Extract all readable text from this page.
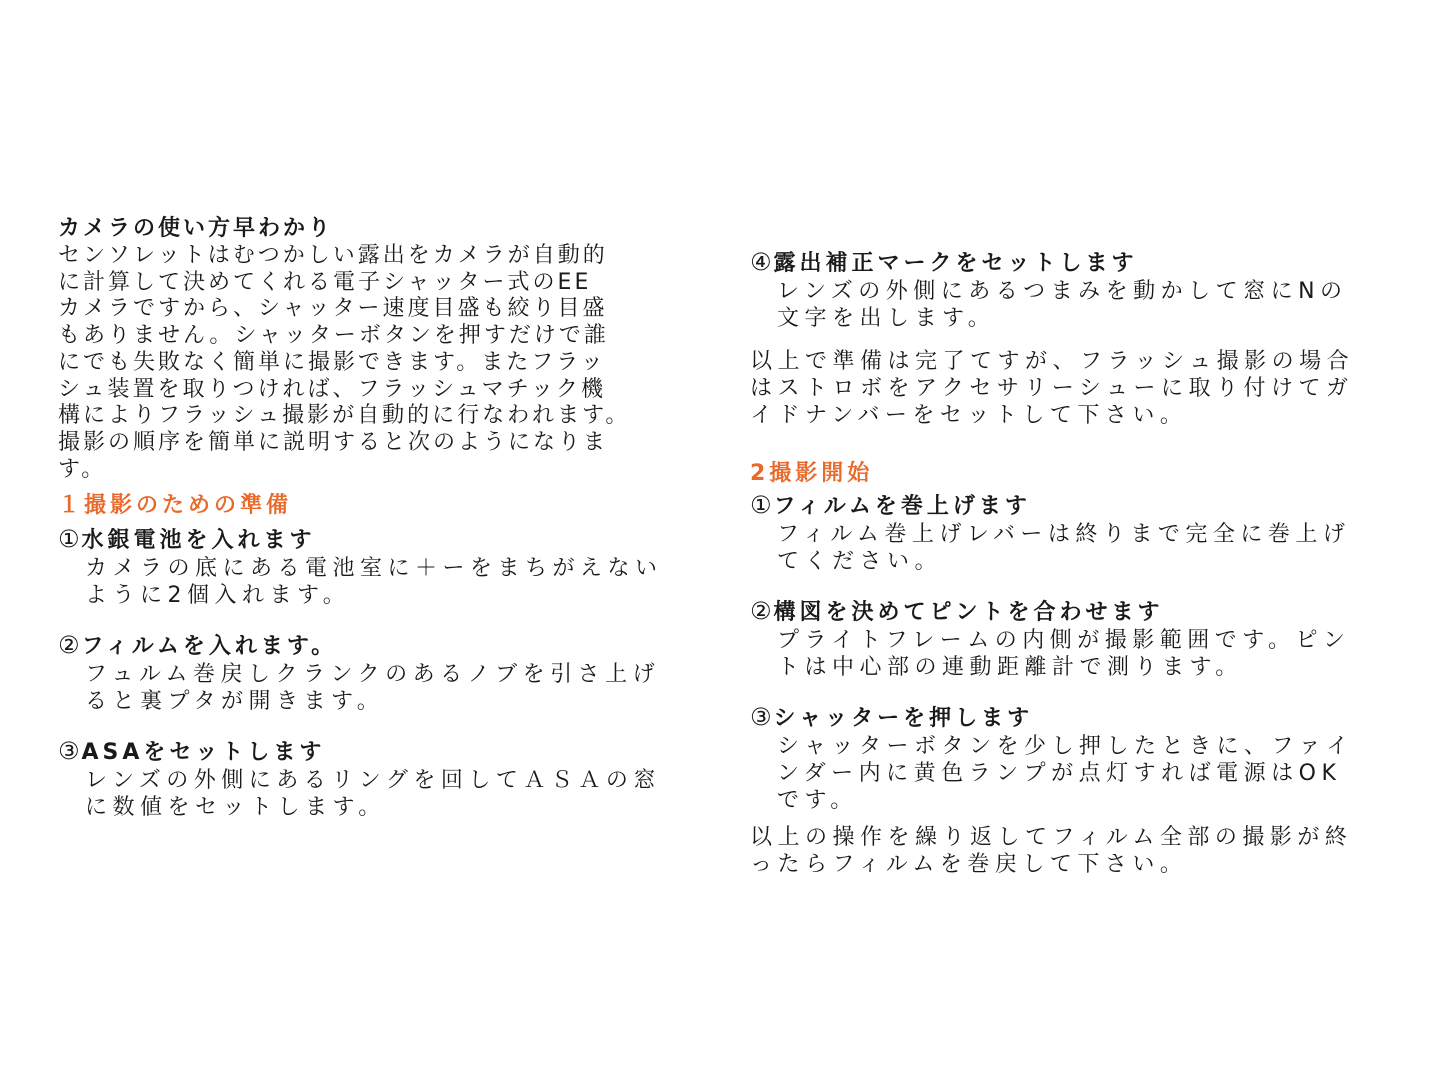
カメラの使い方早わかり

センソレットはむつかしい露出をカメラが自動的
に計算して決めてくれる電子シャッター式のEE
カメラですから、シャッター速度目盛も絞り目盛
もありません。シャッターボタンを押すだけで誰
にでも失敗なく簡単に撮影できます。またフラッ
シュ装置を取りつければ、フラッシュマチック機
構によりフラッシュ撮影が自動的に行なわれます。
撮影の順序を簡単に説明すると次のようになりま
す。

１撮影のための準備
①水銀電池を入れます
カメラの底にある電池室に＋ーをまちがえない
ように2個入れます。
②フィルムを入れます。
フュルム巻戻しクランクのあるノブを引さ上げ
ると裏プタが開きます。
③ASAをセットします
レンズの外側にあるリングを回してＡＳＡの窓
に数値をセットします。
④露出補正マークをセットします
レンズの外側にあるつまみを動かして窓にNの
文字を出します。

以上で準備は完了てすが、フラッシュ撮影の場合
はストロボをアクセサリーシューに取り付けてガ
イドナンバーをセットして下さい。

2撮影開始
①フィルムを巻上げます
フィルム巻上げレバーは終りまで完全に巻上げ
てください。
②構図を決めてピントを合わせます
プライトフレームの内側が撮影範囲です。ピン
トは中心部の連動距離計で測ります。
③シャッターを押します
シャッターボタンを少し押したときに、ファイ
ンダー内に黄色ランプが点灯すれば電源はOK
です。

以上の操作を繰り返してフィルム全部の撮影が終
ったらフィルムを巻戻して下さい。
